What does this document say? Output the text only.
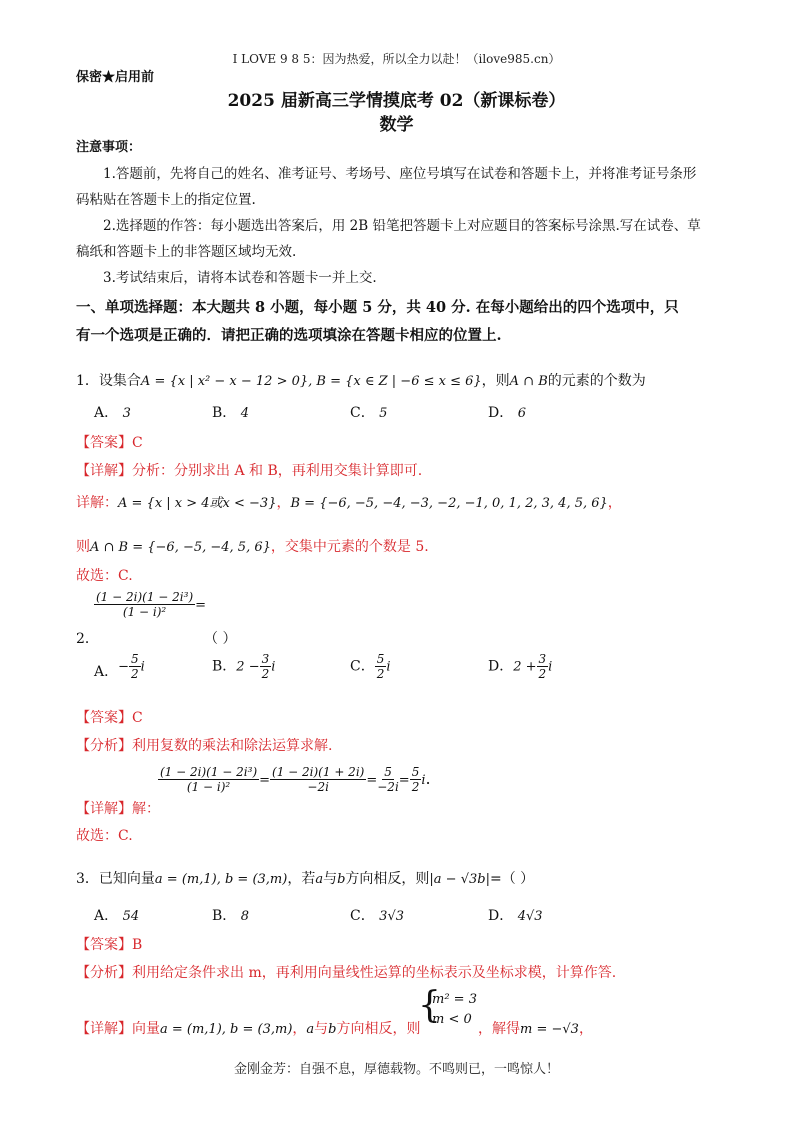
I LOVE 9 8 5：因为热爱，所以全力以赴！（ilove985.cn）
保密★启用前
2025 届新高三学情摸底考 02（新课标卷）
数学
注意事项：
1.答题前，先将自己的姓名、准考证号、考场号、座位号填写在试卷和答题卡上，并将准考证号条形
码粘贴在答题卡上的指定位置.
2.选择题的作答：每小题选出答案后，用 2B 铅笔把答题卡上对应题目的答案标号涂黑.写在试卷、草
稿纸和答题卡上的非答题区域均无效.
3.考试结束后，请将本试卷和答题卡一并上交.
一、单项选择题：本大题共 8 小题，每小题 5 分，共 40 分. 在每小题给出的四个选项中，只
有一个选项是正确的．请把正确的选项填涂在答题卡相应的位置上.
1．设集合A = {x | x² − x − 12 > 0}, B = {x ∈ Z | −6 ≤ x ≤ 6}，则A ∩ B的元素的个数为
A． 3	B． 4	C． 5	D． 6
【答案】C
【详解】分析：分别求出 A 和 B，再利用交集计算即可.
详解：A = {x | x > 4或x < −3}，B = {−6, −5, −4, −3, −2, −1, 0, 1, 2, 3, 4, 5, 6}，
则A ∩ B = {−6, −5, −4, 5, 6}，交集中元素的个数是 5.
故选：C.
2．
$\frac{\text{(1 − 2i)(1 − 2i³)}}{\text{(1 − i)²}}$ =
（ ）
A．− $\frac{5}{2}$ i	B．$2 - \frac{3}{2}$ i	C． $\frac{5}{2}$ i	D．$2 + \frac{3}{2}$ i
【答案】C
【分析】利用复数的乘法和除法运算求解.
【详解】解：
$\frac{\text{(1 − 2i)(1 − 2i³)}}{\text{(1 − i)²}} = \frac{(1 - 2i)(1 + 2i)}{-2i} = \frac{5}{-2i} = \frac{5}{2} i$.
故选：C.
3．已知向量a = (m,1), b = (3,m)，若a与b方向相反，则|a − √3b|=（ ）
A． 54	B． 8	C． 3√3	D． 4√3
【答案】B
【分析】利用给定条件求出 m，再利用向量线性运算的坐标表示及坐标求模，计算作答.
【详解】向量a = (m,1), b = (3,m)，a与b方向相反，则
{
m² = 3
m < 0
，解得m = −√3，
金刚金芳：自强不息，厚德载物。不鸣则已，一鸣惊人！
